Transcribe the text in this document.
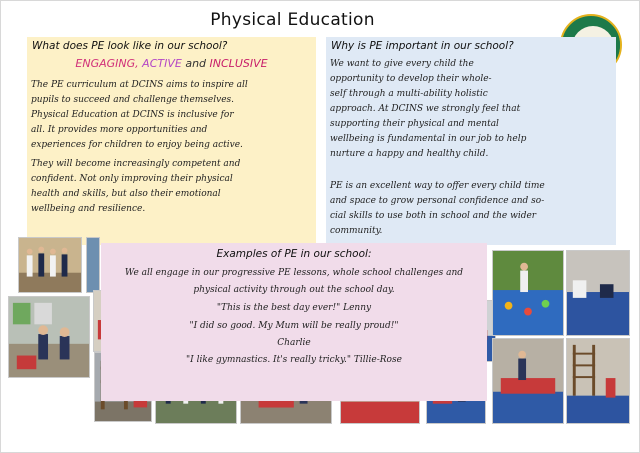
Physical Education
What does PE look like in our school?
ENGAGING, ACTIVE and INCLUSIVE
The PE curriculum at DCINS aims to inspire all
pupils to succeed and challenge themselves.
Physical Education at DCINS is inclusive for
all. It provides more opportunities and
experiences for children to enjoy being active.
They will become increasingly competent and
confident. Not only improving their physical
health and skills, but also their emotional
wellbeing and resilience.
Why is PE important in our school?
We want to give every child the
opportunity to develop their whole-
self through a multi-ability holistic
approach. At DCINS we strongly feel that
supporting their physical and mental
wellbeing is fundamental in our job to help
nurture a happy and healthy child.
PE is an excellent way to offer every child time
and space to grow personal confidence and so-
cial skills to use both in school and the wider
community.
Examples of PE in our school:
We all engage in our progressive PE lessons, whole school challenges and
physical activity through out the school day.
"This is the best day ever!" Lenny
"I did so good. My Mum will be really proud!"
Charlie
"I like gymnastics. It's really tricky." Tillie-Rose
